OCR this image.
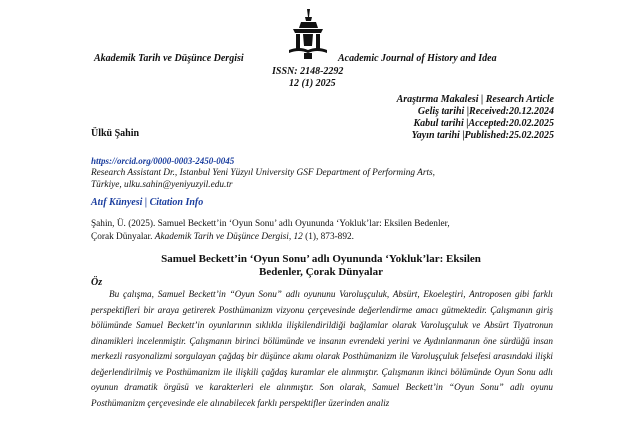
Akademik Tarih ve Düşünce Dergisi	Academic Journal of History and Idea
ISSN: 2148-2292
12 (1) 2025
Araştırma Makalesi | Research Article
Geliş tarihi |Received:20.12.2024
Kabul tarihi |Accepted:20.02.2025
Yayın tarihi |Published:25.02.2025
Ülkü Şahin
https://orcid.org/0000-0003-2450-0045
Research Assistant Dr., Istanbul Yeni Yüzyıl University GSF Department of Performing Arts,
Türkiye, ulku.sahin@yeniyuzyil.edu.tr
Atıf Künyesi | Citation Info
Şahin, Ü. (2025). Samuel Beckett’in ‘Oyun Sonu’ adlı Oyununda ‘Yokluk’lar: Eksilen Bedenler,
Çorak Dünyalar. Akademik Tarih ve Düşünce Dergisi, 12 (1), 873-892.
Samuel Beckett’in ‘Oyun Sonu’ adlı Oyununda ‘Yokluk’lar: Eksilen
Bedenler, Çorak Dünyalar
Öz
Bu çalışma, Samuel Beckett’in “Oyun Sonu” adlı oyununu Varoluşçuluk, Absürt, Ekoeleştiri, Antroposen gibi farklı perspektifleri bir araya getirerek Posthümanizm vizyonu çerçevesinde değerlendirme amacı gütmektedir. Çalışmanın giriş bölümünde Samuel Beckett’in oyunlarının sıklıkla ilişkilendirildiği bağlamlar olarak Varoluşçuluk ve Absürt Tiyatronun dinamikleri incelenmiştir. Çalışmanın birinci bölümünde ve insanın evrendeki yerini ve Aydınlanmanın öne sürdüğü insan merkezli rasyonalizmi sorgulayan çağdaş bir düşünce akımı olarak Posthümanizm ile Varoluşçuluk felsefesi arasındaki ilişki değerlendirilmiş ve Posthümanizm ile ilişkili çağdaş kuramlar ele alınmıştır. Çalışmanın ikinci bölümünde Oyun Sonu adlı oyunun dramatik örgüsü ve karakterleri ele alınmıştır. Son olarak, Samuel Beckett’in “Oyun Sonu” adlı oyunu Posthümanizm çerçevesinde ele alınabilecek farklı perspektifler üzerinden analiz
